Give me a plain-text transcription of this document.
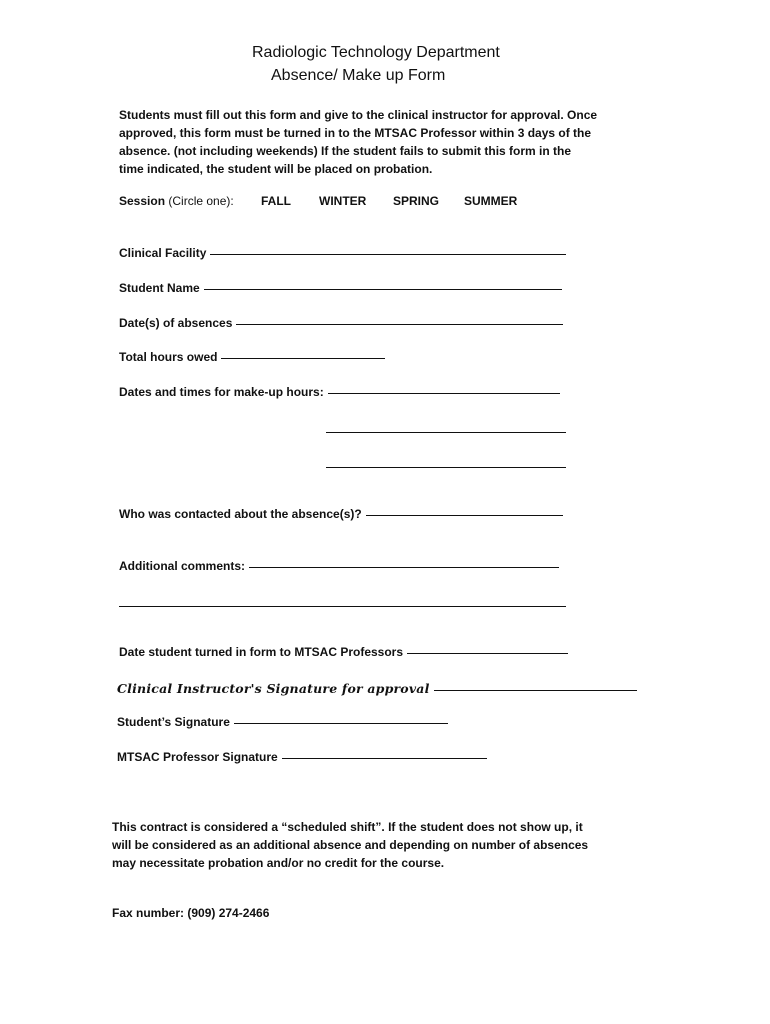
Radiologic Technology Department
Absence/ Make up Form
Students must fill out this form and give to the clinical instructor for approval. Once approved, this form must be turned in to the MTSAC Professor within 3 days of the absence. (not including weekends) If the student fails to submit this form in the time indicated, the student will be placed on probation.
Session (Circle one): FALL WINTER SPRING SUMMER
Clinical Facility
Student Name
Date(s) of absences
Total hours owed
Dates and times for make-up hours:
Who was contacted about the absence(s)?
Additional comments:
Date student turned in form to MTSAC Professors
Clinical Instructor's Signature for approval
Student’s Signature
MTSAC Professor Signature
This contract is considered a “scheduled shift”. If the student does not show up, it will be considered as an additional absence and depending on number of absences may necessitate probation and/or no credit for the course.
Fax number: (909) 274-2466
